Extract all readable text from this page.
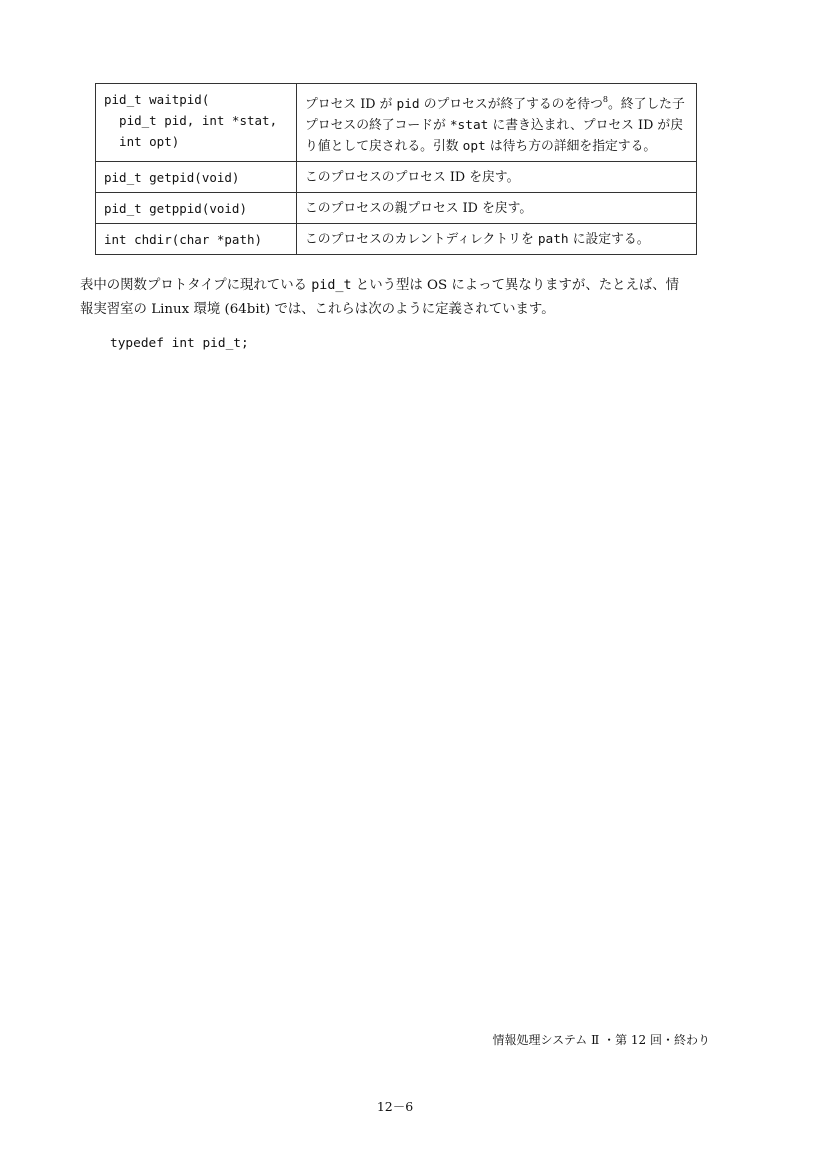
pid_t waitpid(
pid_t pid, int *stat,
int opt)	プロセス ID が pid のプロセスが終了するのを待つ$^8$。終了した子プロセスの終了コードが *stat に書き込まれ、プロセス ID が戻り値として戻される。引数 opt は待ち方の詳細を指定する。
pid_t getpid(void)	このプロセスのプロセス ID を戻す。
pid_t getppid(void)	このプロセスの親プロセス ID を戻す。
int chdir(char *path)	このプロセスのカレントディレクトリを path に設定する。
表中の関数プロトタイプに現れている pid_t という型は OS によって異なりますが、たとえば、情
報実習室の Linux 環境 (64bit) では、これらは次のように定義されています。
typedef int pid_t;
情報処理システム Ⅱ ・第 12 回・終わり
12－6
